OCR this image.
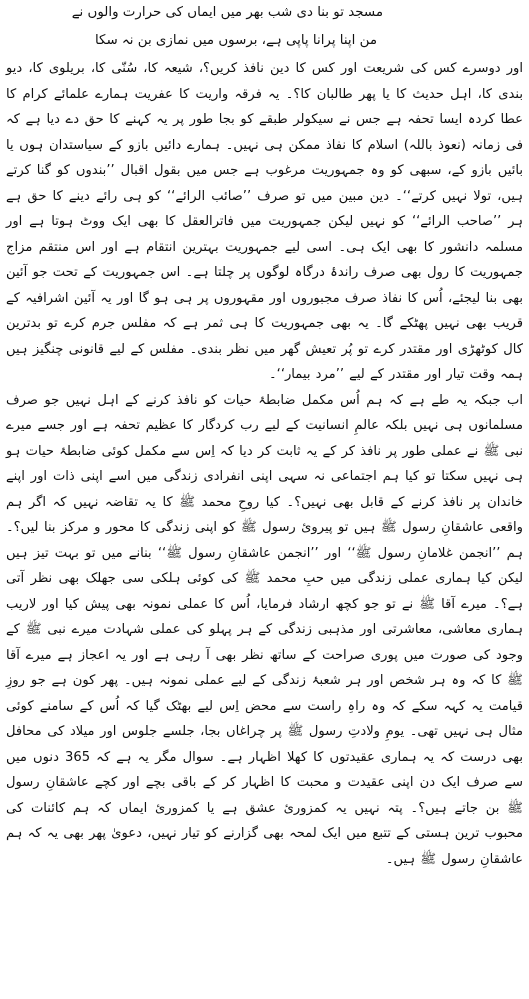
مسجد تو بنا دی شب بھر میں ایماں کی حرارت والوں نے
من اپنا پرانا پاپی ہے، برسوں میں نمازی بن نہ سکا

اور دوسرے کس کی شریعت اور کس کا دین نافذ کریں؟، شیعہ کا، سُنّی کا، بریلوی کا، دیو بندی کا، اہل حدیث کا یا پھر طالبان کا؟۔ یہ فرقہ واریت کا عفریت ہمارے علمائے کرام کا عطا کردہ ایسا تحفہ ہے جس نے سیکولر طبقے کو بجا طور پر یہ کہنے کا حق دے دیا ہے کہ فی زمانہ (نعوذ باللہ) اسلام کا نفاذ ممکن ہی نہیں۔ ہمارے دائیں بازو کے سیاستدان ہوں یا بائیں بازو کے، سبھی کو وہ جمہوریت مرغوب ہے جس میں بقول اقبال ’’بندوں کو گنا کرتے ہیں، تولا نہیں کرتے‘‘۔ دین مبین میں تو صرف ’’صائب الرائے‘‘ کو ہی رائے دینے کا حق ہے ہر ’’صاحب الرائے‘‘ کو نہیں لیکن جمہوریت میں فاترالعقل کا بھی ایک ووٹ ہوتا ہے اور مسلمہ دانشور کا بھی ایک ہی۔ اسی لیے جمہوریت بہترین انتقام ہے اور اس منتقم مزاج جمہوریت کا رول بھی صرف راندۂ درگاہ لوگوں پر چلتا ہے۔ اس جمہوریت کے تحت جو آئین بھی بنا لیجئے، اُس کا نفاذ صرف مجبوروں اور مقہوروں پر ہی ہو گا اور یہ آئین اشرافیہ کے قریب بھی نہیں پھٹکے گا۔ یہ بھی جمہوریت کا ہی ثمر ہے کہ مفلس جرم کرے تو بدترین کال کوٹھڑی اور مقتدر کرے تو پُر تعیش گھر میں نظر بندی۔ مفلس کے لیے قانونی چنگیز ہیں ہمہ وقت تیار اور مقتدر کے لیے ’’مرد بیمار‘‘۔

اب جبکہ یہ طے ہے کہ ہم اُس مکمل ضابطۂ حیات کو نافذ کرنے کے اہل نہیں جو صرف مسلمانوں ہی نہیں بلکہ عالمِ انسانیت کے لیے رب کردگار کا عظیم تحفہ ہے اور جسے میرے نبی ﷺ نے عملی طور پر نافذ کر کے یہ ثابت کر دیا کہ اِس سے مکمل کوئی ضابطۂ حیات ہو ہی نہیں سکتا تو کیا ہم اجتماعی نہ سہی اپنی انفرادی زندگی میں اسے اپنی ذات اور اپنے خاندان پر نافذ کرنے کے قابل بھی نہیں؟۔ کیا روحِ محمد ﷺ کا یہ تقاضہ نہیں کہ اگر ہم واقعی عاشقانِ رسول ﷺ ہیں تو پیرویٔ رسول ﷺ کو اپنی زندگی کا محور و مرکز بنا لیں؟۔ ہم ’’انجمن غلامانِ رسول ﷺ‘‘ اور ’’انجمن عاشقانِ رسول ﷺ‘‘ بنانے میں تو بہت تیز ہیں لیکن کیا ہماری عملی زندگی میں حبِ محمد ﷺ کی کوئی ہلکی سی جھلک بھی نظر آتی ہے؟۔ میرے آقا ﷺ نے تو جو کچھ ارشاد فرمایا، اُس کا عملی نمونہ بھی پیش کیا اور لاریب ہماری معاشی، معاشرتی اور مذہبی زندگی کے ہر پہلو کی عملی شہادت میرے نبی ﷺ کے وجود کی صورت میں پوری صراحت کے ساتھ نظر بھی آ رہی ہے اور یہ اعجاز ہے میرے آقا ﷺ کا کہ وہ ہر شخص اور ہر شعبۂ زندگی کے لیے عملی نمونہ ہیں۔ پھر کون ہے جو روزِ قیامت یہ کہہ سکے کہ وہ راہِ راست سے محض اِس لیے بھٹک گیا کہ اُس کے سامنے کوئی مثال ہی نہیں تھی۔ یومِ ولادتِ رسول ﷺ پر چراغاں بجا، جلسے جلوس اور میلاد کی محافل بھی درست کہ یہ ہماری عقیدتوں کا کھلا اظہار ہے۔ سوال مگر یہ ہے کہ 365 دنوں میں سے صرف ایک دن اپنی عقیدت و محبت کا اظہار کر کے باقی بچے اور کچے عاشقانِ رسول ﷺ بن جاتے ہیں؟۔ پتہ نہیں یہ کمزوریٔ عشق ہے یا کمزوریٔ ایماں کہ ہم کائنات کی محبوب ترین ہستی کے تتبع میں ایک لمحہ بھی گزارنے کو تیار نہیں، دعویٰ پھر بھی یہ کہ ہم عاشقانِ رسول ﷺ ہیں۔
